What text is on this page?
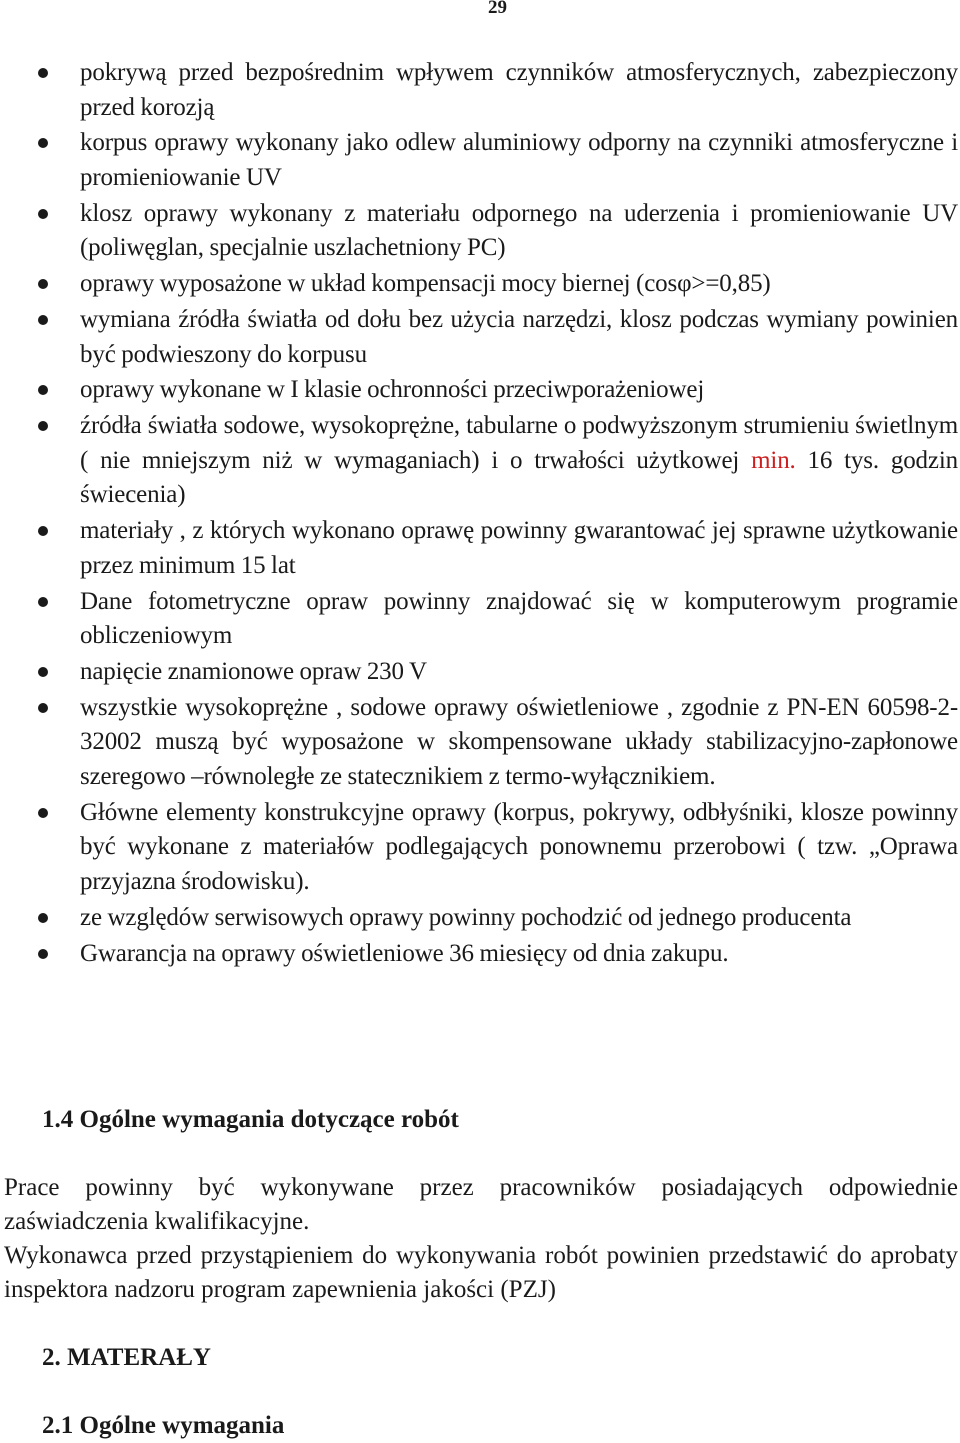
29
pokrywą przed bezpośrednim wpływem czynników atmosferycznych, zabezpieczony przed korozją
korpus oprawy wykonany jako odlew aluminiowy odporny na czynniki atmosferyczne i promieniowanie UV
klosz oprawy wykonany z materiału odpornego na uderzenia i promieniowanie UV (poliwęglan, specjalnie uszlachetniony PC)
oprawy wyposażone w układ kompensacji mocy biernej (cosφ>=0,85)
wymiana źródła światła od dołu bez użycia narzędzi, klosz podczas wymiany powinien być podwieszony do korpusu
oprawy wykonane w I klasie ochronności przeciwporażeniowej
źródła światła sodowe, wysokoprężne, tabularne o podwyższonym strumieniu świetlnym ( nie mniejszym niż w wymaganiach) i o trwałości użytkowej min. 16 tys. godzin świecenia)
materiały , z których wykonano oprawę powinny gwarantować jej sprawne użytkowanie przez minimum 15 lat
Dane fotometryczne opraw powinny znajdować się w komputerowym programie obliczeniowym
napięcie znamionowe opraw 230 V
wszystkie wysokoprężne , sodowe oprawy oświetleniowe , zgodnie z PN-EN 60598-2-32002 muszą być wyposażone w skompensowane układy stabilizacyjno-zapłonowe szeregowo –równoległe ze statecznikiem z termo-wyłącznikiem.
Główne elementy konstrukcyjne oprawy (korpus, pokrywy, odbłyśniki, klosze powinny być wykonane z materiałów podlegających ponownemu przerobowi ( tzw. „Oprawa przyjazna środowisku).
ze względów serwisowych oprawy powinny pochodzić od jednego producenta
Gwarancja na oprawy oświetleniowe 36 miesięcy od dnia zakupu.
1.4 Ogólne wymagania dotyczące robót

Prace powinny być wykonywane przez pracowników posiadających odpowiednie zaświadczenia kwalifikacyjne.

Wykonawca przed przystąpieniem do wykonywania robót powinien przedstawić do aprobaty inspektora nadzoru program zapewnienia jakości (PZJ)

2. MATERAŁY
2.1 Ogólne wymagania
